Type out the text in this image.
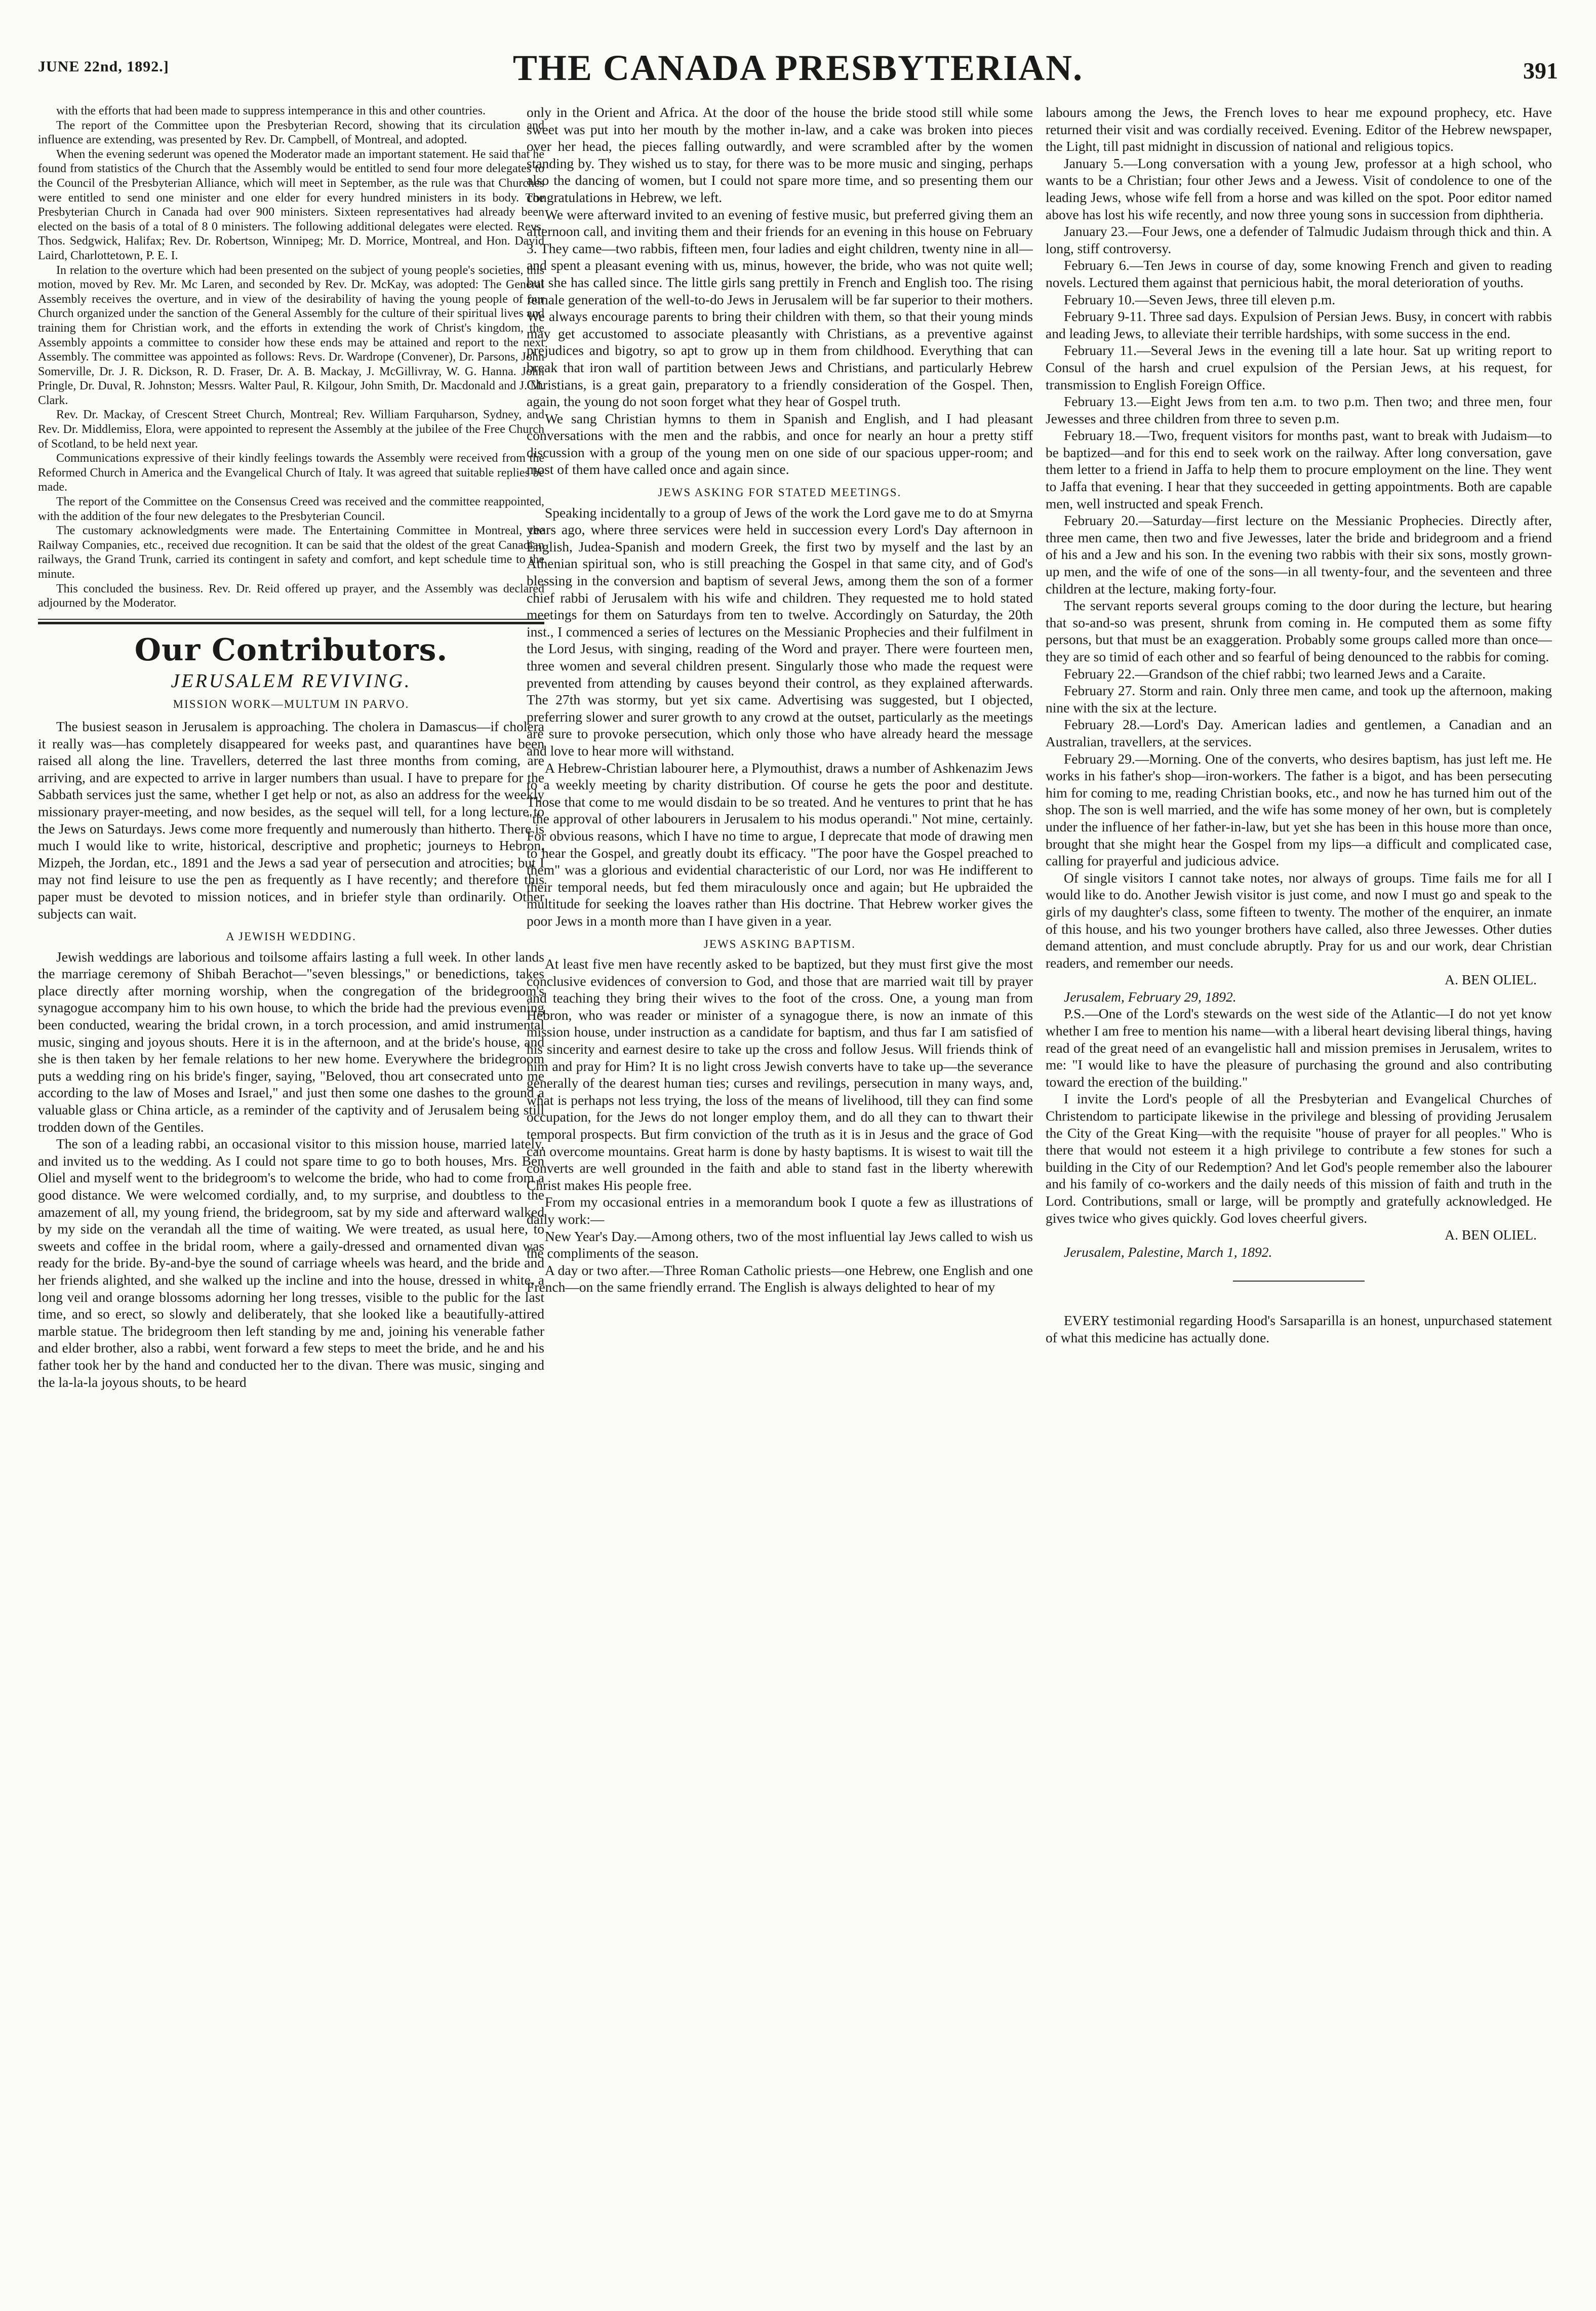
JUNE 22nd, 1892.]	THE CANADA PRESBYTERIAN.	391

with the efforts that had been made to suppress intemperance in this and other countries.

The report of the Committee upon the Presbyterian Record, showing that its circulation and influence are extending, was presented by Rev. Dr. Campbell, of Montreal, and adopted.

When the evening sederunt was opened the Moderator made an important statement. He said that he found from statistics of the Church that the Assembly would be entitled to send four more delegates to the Council of the Presbyterian Alliance, which will meet in September, as the rule was that Churches were entitled to send one minister and one elder for every hundred ministers in its body. The Presbyterian Church in Canada had over 900 ministers. Sixteen representatives had already been elected on the basis of a total of 8 0 ministers. The following additional delegates were elected. Revs. Thos. Sedgwick, Halifax; Rev. Dr. Robertson, Winnipeg; Mr. D. Morrice, Montreal, and Hon. David Laird, Charlottetown, P. E. I.

In relation to the overture which had been presented on the subject of young people's societies, this motion, moved by Rev. Mr. Mc Laren, and seconded by Rev. Dr. McKay, was adopted: The General Assembly receives the overture, and in view of the desirability of having the young people of our Church organized under the sanction of the General Assembly for the culture of their spiritual lives and training them for Christian work, and the efforts in extending the work of Christ's kingdom, the Assembly appoints a committee to consider how these ends may be attained and report to the next Assembly. The committee was appointed as follows: Revs. Dr. Wardrope (Convener), Dr. Parsons, John Somerville, Dr. J. R. Dickson, R. D. Fraser, Dr. A. B. Mackay, J. McGillivray, W. G. Hanna. John Pringle, Dr. Duval, R. Johnston; Messrs. Walter Paul, R. Kilgour, John Smith, Dr. Macdonald and J. M. Clark.

Rev. Dr. Mackay, of Crescent Street Church, Montreal; Rev. William Farquharson, Sydney, and Rev. Dr. Middlemiss, Elora, were appointed to represent the Assembly at the jubilee of the Free Church of Scotland, to be held next year.

Communications expressive of their kindly feelings towards the Assembly were received from the Reformed Church in America and the Evangelical Church of Italy. It was agreed that suitable replies be made.

The report of the Committee on the Consensus Creed was received and the committee reappointed, with the addition of the four new delegates to the Presbyterian Council.

The customary acknowledgments were made. The Entertaining Committee in Montreal, the Railway Companies, etc., received due recognition. It can be said that the oldest of the great Canadian railways, the Grand Trunk, carried its contingent in safety and comfort, and kept schedule time to the minute.

This concluded the business. Rev. Dr. Reid offered up prayer, and the Assembly was declared adjourned by the Moderator.

Our Contributors.
JERUSALEM REVIVING.
MISSION WORK—MULTUM IN PARVO.

The busiest season in Jerusalem is approaching. The cholera in Damascus—if cholera it really was—has completely disappeared for weeks past, and quarantines have been raised all along the line. Travellers, deterred the last three months from coming, are arriving, and are expected to arrive in larger numbers than usual. I have to prepare for the Sabbath services just the same, whether I get help or not, as also an address for the weekly missionary prayer-meeting, and now besides, as the sequel will tell, for a long lecture to the Jews on Saturdays. Jews come more frequently and numerously than hitherto. There is much I would like to write, historical, descriptive and prophetic; journeys to Hebron, Mizpeh, the Jordan, etc., 1891 and the Jews a sad year of persecution and atrocities; but I may not find leisure to use the pen as frequently as I have recently; and therefore this paper must be devoted to mission notices, and in briefer style than ordinarily. Other subjects can wait.

A JEWISH WEDDING.

Jewish weddings are laborious and toilsome affairs lasting a full week. In other lands the marriage ceremony of Shibah Berachot—"seven blessings," or benedictions, takes place directly after morning worship, when the congregation of the bridegroom's synagogue accompany him to his own house, to which the bride had the previous evening been conducted, wearing the bridal crown, in a torch procession, and amid instrumental music, singing and joyous shouts. Here it is in the afternoon, and at the bride's house, and she is then taken by her female relations to her new home. Everywhere the bridegroom puts a wedding ring on his bride's finger, saying, "Beloved, thou art consecrated unto me according to the law of Moses and Israel," and just then some one dashes to the ground a valuable glass or China article, as a reminder of the captivity and of Jerusalem being still trodden down of the Gentiles.

The son of a leading rabbi, an occasional visitor to this mission house, married lately, and invited us to the wedding. As I could not spare time to go to both houses, Mrs. Ben Oliel and myself went to the bridegroom's to welcome the bride, who had to come from a good distance. We were welcomed cordially, and, to my surprise, and doubtless to the amazement of all, my young friend, the bridegroom, sat by my side and afterward walked by my side on the verandah all the time of waiting. We were treated, as usual here, to sweets and coffee in the bridal room, where a gaily-dressed and ornamented divan was ready for the bride. By-and-bye the sound of carriage wheels was heard, and the bride and her friends alighted, and she walked up the incline and into the house, dressed in white, a long veil and orange blossoms adorning her long tresses, visible to the public for the last time, and so erect, so slowly and deliberately, that she looked like a beautifully-attired marble statue. The bridegroom then left standing by me and, joining his venerable father and elder brother, also a rabbi, went forward a few steps to meet the bride, and he and his father took her by the hand and conducted her to the divan. There was music, singing and the la-la-la joyous shouts, to be heard

only in the Orient and Africa. At the door of the house the bride stood still while some sweet was put into her mouth by the mother in-law, and a cake was broken into pieces over her head, the pieces falling outwardly, and were scrambled after by the women standing by. They wished us to stay, for there was to be more music and singing, perhaps also the dancing of women, but I could not spare more time, and so presenting them our congratulations in Hebrew, we left.

We were afterward invited to an evening of festive music, but preferred giving them an afternoon call, and inviting them and their friends for an evening in this house on February 3. They came—two rabbis, fifteen men, four ladies and eight children, twenty nine in all—and spent a pleasant evening with us, minus, however, the bride, who was not quite well; but she has called since. The little girls sang prettily in French and English too. The rising female generation of the well-to-do Jews in Jerusalem will be far superior to their mothers. We always encourage parents to bring their children with them, so that their young minds may get accustomed to associate pleasantly with Christians, as a preventive against prejudices and bigotry, so apt to grow up in them from childhood. Everything that can break that iron wall of partition between Jews and Christians, and particularly Hebrew Christians, is a great gain, preparatory to a friendly consideration of the Gospel. Then, again, the young do not soon forget what they hear of Gospel truth.

We sang Christian hymns to them in Spanish and English, and I had pleasant conversations with the men and the rabbis, and once for nearly an hour a pretty stiff discussion with a group of the young men on one side of our spacious upper-room; and most of them have called once and again since.

JEWS ASKING FOR STATED MEETINGS.

Speaking incidentally to a group of Jews of the work the Lord gave me to do at Smyrna years ago, where three services were held in succession every Lord's Day afternoon in English, Judea-Spanish and modern Greek, the first two by myself and the last by an Athenian spiritual son, who is still preaching the Gospel in that same city, and of God's blessing in the conversion and baptism of several Jews, among them the son of a former chief rabbi of Jerusalem with his wife and children. They requested me to hold stated meetings for them on Saturdays from ten to twelve. Accordingly on Saturday, the 20th inst., I commenced a series of lectures on the Messianic Prophecies and their fulfilment in the Lord Jesus, with singing, reading of the Word and prayer. There were fourteen men, three women and several children present. Singularly those who made the request were prevented from attending by causes beyond their control, as they explained afterwards. The 27th was stormy, but yet six came. Advertising was suggested, but I objected, preferring slower and surer growth to any crowd at the outset, particularly as the meetings are sure to provoke persecution, which only those who have already heard the message and love to hear more will withstand.

A Hebrew-Christian labourer here, a Plymouthist, draws a number of Ashkenazim Jews to a weekly meeting by charity distribution. Of course he gets the poor and destitute. Those that come to me would disdain to be so treated. And he ventures to print that he has "the approval of other labourers in Jerusalem to his modus operandi." Not mine, certainly. For obvious reasons, which I have no time to argue, I deprecate that mode of drawing men to hear the Gospel, and greatly doubt its efficacy. "The poor have the Gospel preached to them" was a glorious and evidential characteristic of our Lord, nor was He indifferent to their temporal needs, but fed them miraculously once and again; but He upbraided the multitude for seeking the loaves rather than His doctrine. That Hebrew worker gives the poor Jews in a month more than I have given in a year.

JEWS ASKING BAPTISM.

At least five men have recently asked to be baptized, but they must first give the most conclusive evidences of conversion to God, and those that are married wait till by prayer and teaching they bring their wives to the foot of the cross. One, a young man from Hebron, who was reader or minister of a synagogue there, is now an inmate of this mission house, under instruction as a candidate for baptism, and thus far I am satisfied of his sincerity and earnest desire to take up the cross and follow Jesus. Will friends think of him and pray for Him? It is no light cross Jewish converts have to take up—the severance generally of the dearest human ties; curses and revilings, persecution in many ways, and, what is perhaps not less trying, the loss of the means of livelihood, till they can find some occupation, for the Jews do not longer employ them, and do all they can to thwart their temporal prospects. But firm conviction of the truth as it is in Jesus and the grace of God can overcome mountains. Great harm is done by hasty baptisms. It is wisest to wait till the converts are well grounded in the faith and able to stand fast in the liberty wherewith Christ makes His people free.

From my occasional entries in a memorandum book I quote a few as illustrations of daily work:—

New Year's Day.—Among others, two of the most influential lay Jews called to wish us the compliments of the season.

A day or two after.—Three Roman Catholic priests—one Hebrew, one English and one French—on the same friendly errand. The English is always delighted to hear of my

labours among the Jews, the French loves to hear me expound prophecy, etc. Have returned their visit and was cordially received. Evening. Editor of the Hebrew newspaper, the Light, till past midnight in discussion of national and religious topics.

January 5.—Long conversation with a young Jew, professor at a high school, who wants to be a Christian; four other Jews and a Jewess. Visit of condolence to one of the leading Jews, whose wife fell from a horse and was killed on the spot. Poor editor named above has lost his wife recently, and now three young sons in succession from diphtheria.

January 23.—Four Jews, one a defender of Talmudic Judaism through thick and thin. A long, stiff controversy.

February 6.—Ten Jews in course of day, some knowing French and given to reading novels. Lectured them against that pernicious habit, the moral deterioration of youths.

February 10.—Seven Jews, three till eleven p.m.

February 9-11. Three sad days. Expulsion of Persian Jews. Busy, in concert with rabbis and leading Jews, to alleviate their terrible hardships, with some success in the end.

February 11.—Several Jews in the evening till a late hour. Sat up writing report to Consul of the harsh and cruel expulsion of the Persian Jews, at his request, for transmission to English Foreign Office.

February 13.—Eight Jews from ten a.m. to two p.m. Then two; and three men, four Jewesses and three children from three to seven p.m.

February 18.—Two, frequent visitors for months past, want to break with Judaism—to be baptized—and for this end to seek work on the railway. After long conversation, gave them letter to a friend in Jaffa to help them to procure employment on the line. They went to Jaffa that evening. I hear that they succeeded in getting appointments. Both are capable men, well instructed and speak French.

February 20.—Saturday—first lecture on the Messianic Prophecies. Directly after, three men came, then two and five Jewesses, later the bride and bridegroom and a friend of his and a Jew and his son. In the evening two rabbis with their six sons, mostly grown-up men, and the wife of one of the sons—in all twenty-four, and the seventeen and three children at the lecture, making forty-four.

The servant reports several groups coming to the door during the lecture, but hearing that so-and-so was present, shrunk from coming in. He computed them as some fifty persons, but that must be an exaggeration. Probably some groups called more than once—they are so timid of each other and so fearful of being denounced to the rabbis for coming.

February 22.—Grandson of the chief rabbi; two learned Jews and a Caraite.

February 27. Storm and rain. Only three men came, and took up the afternoon, making nine with the six at the lecture.

February 28.—Lord's Day. American ladies and gentlemen, a Canadian and an Australian, travellers, at the services.

February 29.—Morning. One of the converts, who desires baptism, has just left me. He works in his father's shop—iron-workers. The father is a bigot, and has been persecuting him for coming to me, reading Christian books, etc., and now he has turned him out of the shop. The son is well married, and the wife has some money of her own, but is completely under the influence of her father-in-law, but yet she has been in this house more than once, brought that she might hear the Gospel from my lips—a difficult and complicated case, calling for prayerful and judicious advice.

Of single visitors I cannot take notes, nor always of groups. Time fails me for all I would like to do. Another Jewish visitor is just come, and now I must go and speak to the girls of my daughter's class, some fifteen to twenty. The mother of the enquirer, an inmate of this house, and his two younger brothers have called, also three Jewesses. Other duties demand attention, and must conclude abruptly. Pray for us and our work, dear Christian readers, and remember our needs.

A. BEN OLIEL.

Jerusalem, February 29, 1892.

P.S.—One of the Lord's stewards on the west side of the Atlantic—I do not yet know whether I am free to mention his name—with a liberal heart devising liberal things, having read of the great need of an evangelistic hall and mission premises in Jerusalem, writes to me: "I would like to have the pleasure of purchasing the ground and also contributing toward the erection of the building."

I invite the Lord's people of all the Presbyterian and Evangelical Churches of Christendom to participate likewise in the privilege and blessing of providing Jerusalem the City of the Great King—with the requisite "house of prayer for all peoples." Who is there that would not esteem it a high privilege to contribute a few stones for such a building in the City of our Redemption? And let God's people remember also the labourer and his family of co-workers and the daily needs of this mission of faith and truth in the Lord. Contributions, small or large, will be promptly and gratefully acknowledged. He gives twice who gives quickly. God loves cheerful givers.

A. BEN OLIEL.

Jerusalem, Palestine, March 1, 1892.

EVERY testimonial regarding Hood's Sarsaparilla is an honest, unpurchased statement of what this medicine has actually done.
